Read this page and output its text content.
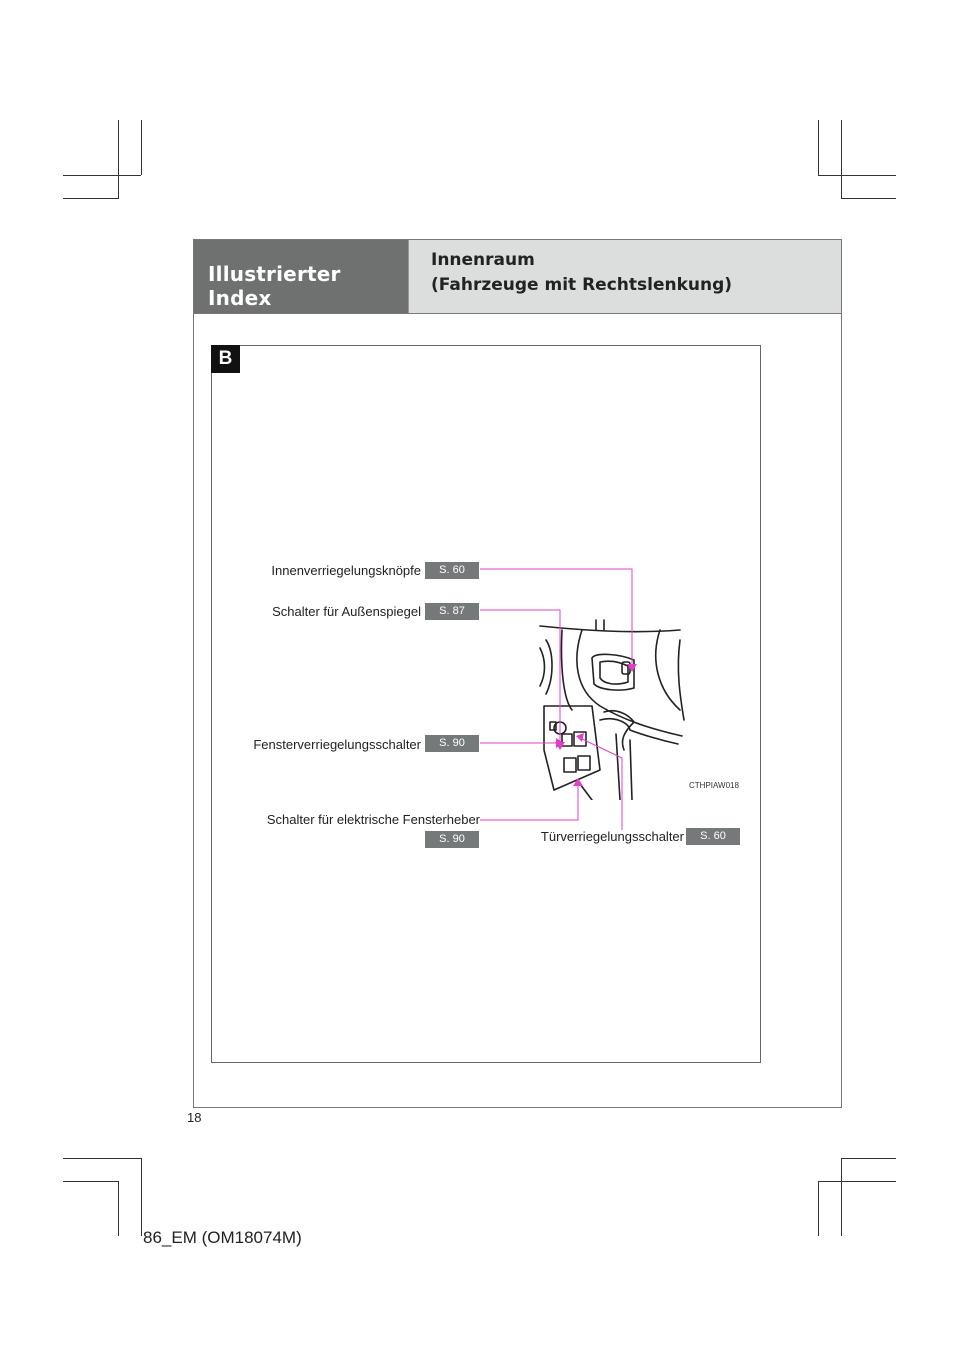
Illustrierter Index
Innenraum
(Fahrzeuge mit Rechtslenkung)
B
CTHPIAW018
Innenverriegelungsknöpfe	S. 60
Schalter für Außenspiegel	S. 87
Fensterverriegelungsschalter	S. 90
Schalter für elektrische Fensterheber
S. 90	Türverriegelungsschalter	S. 60
18
86_EM (OM18074M)
